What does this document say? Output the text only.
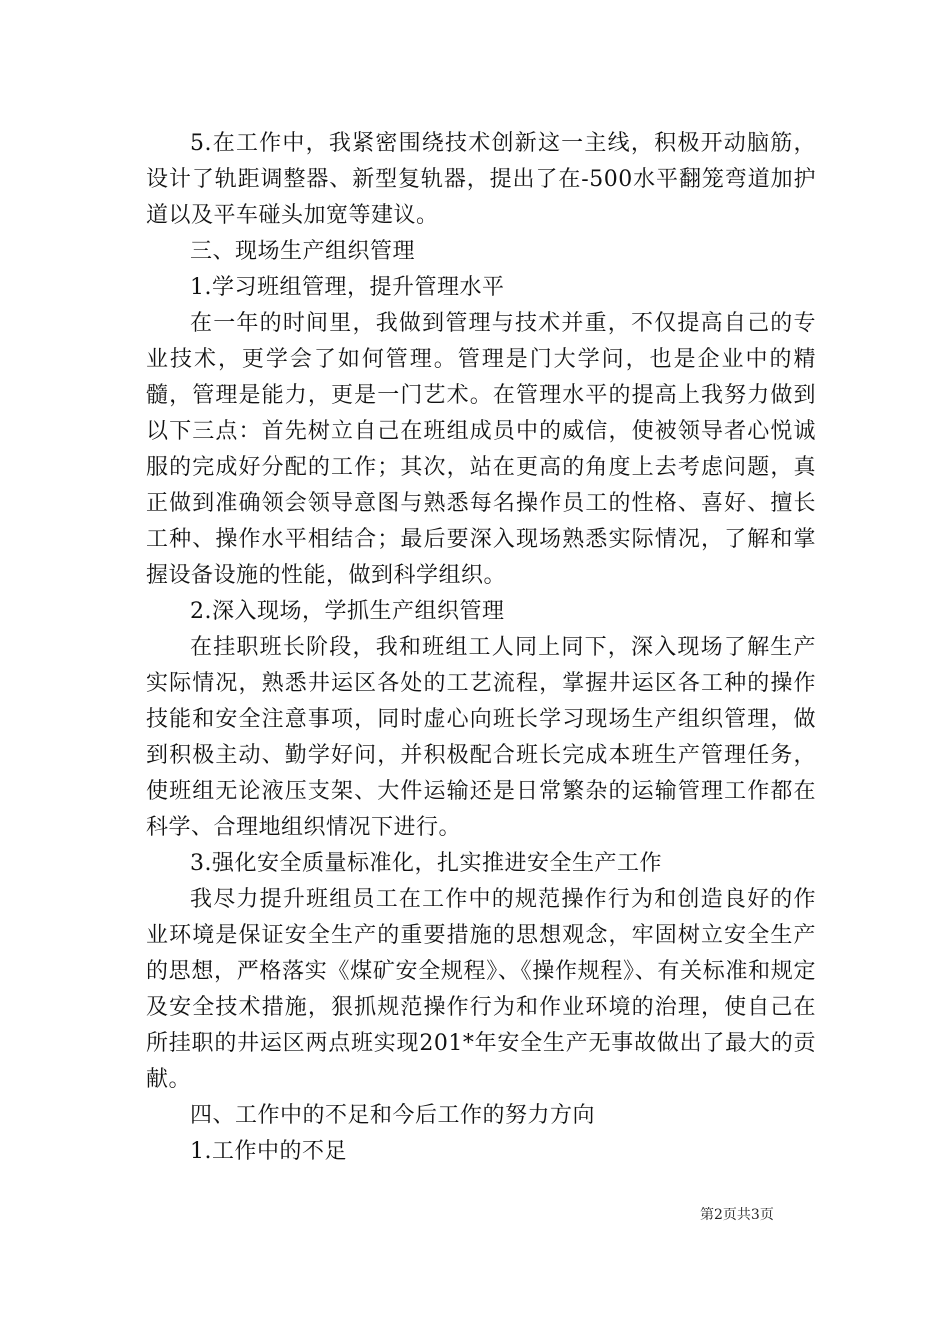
5.在工作中，我紧密围绕技术创新这一主线，积极开动脑筋，设计了轨距调整器、新型复轨器，提出了在-500水平翻笼弯道加护道以及平车碰头加宽等建议。

三、现场生产组织管理

1.学习班组管理，提升管理水平

在一年的时间里，我做到管理与技术并重，不仅提高自己的专业技术，更学会了如何管理。管理是门大学问，也是企业中的精髓，管理是能力，更是一门艺术。在管理水平的提高上我努力做到以下三点：首先树立自己在班组成员中的威信，使被领导者心悦诚服的完成好分配的工作；其次，站在更高的角度上去考虑问题，真正做到准确领会领导意图与熟悉每名操作员工的性格、喜好、擅长工种、操作水平相结合；最后要深入现场熟悉实际情况，了解和掌握设备设施的性能，做到科学组织。

2.深入现场，学抓生产组织管理

在挂职班长阶段，我和班组工人同上同下，深入现场了解生产实际情况，熟悉井运区各处的工艺流程，掌握井运区各工种的操作技能和安全注意事项，同时虚心向班长学习现场生产组织管理，做到积极主动、勤学好问，并积极配合班长完成本班生产管理任务，使班组无论液压支架、大件运输还是日常繁杂的运输管理工作都在科学、合理地组织情况下进行。

3.强化安全质量标准化，扎实推进安全生产工作

我尽力提升班组员工在工作中的规范操作行为和创造良好的作业环境是保证安全生产的重要措施的思想观念，牢固树立安全生产的思想，严格落实《煤矿安全规程》、《操作规程》、有关标准和规定及安全技术措施，狠抓规范操作行为和作业环境的治理，使自己在所挂职的井运区两点班实现201*年安全生产无事故做出了最大的贡献。

四、工作中的不足和今后工作的努力方向

1.工作中的不足

第2页共3页
